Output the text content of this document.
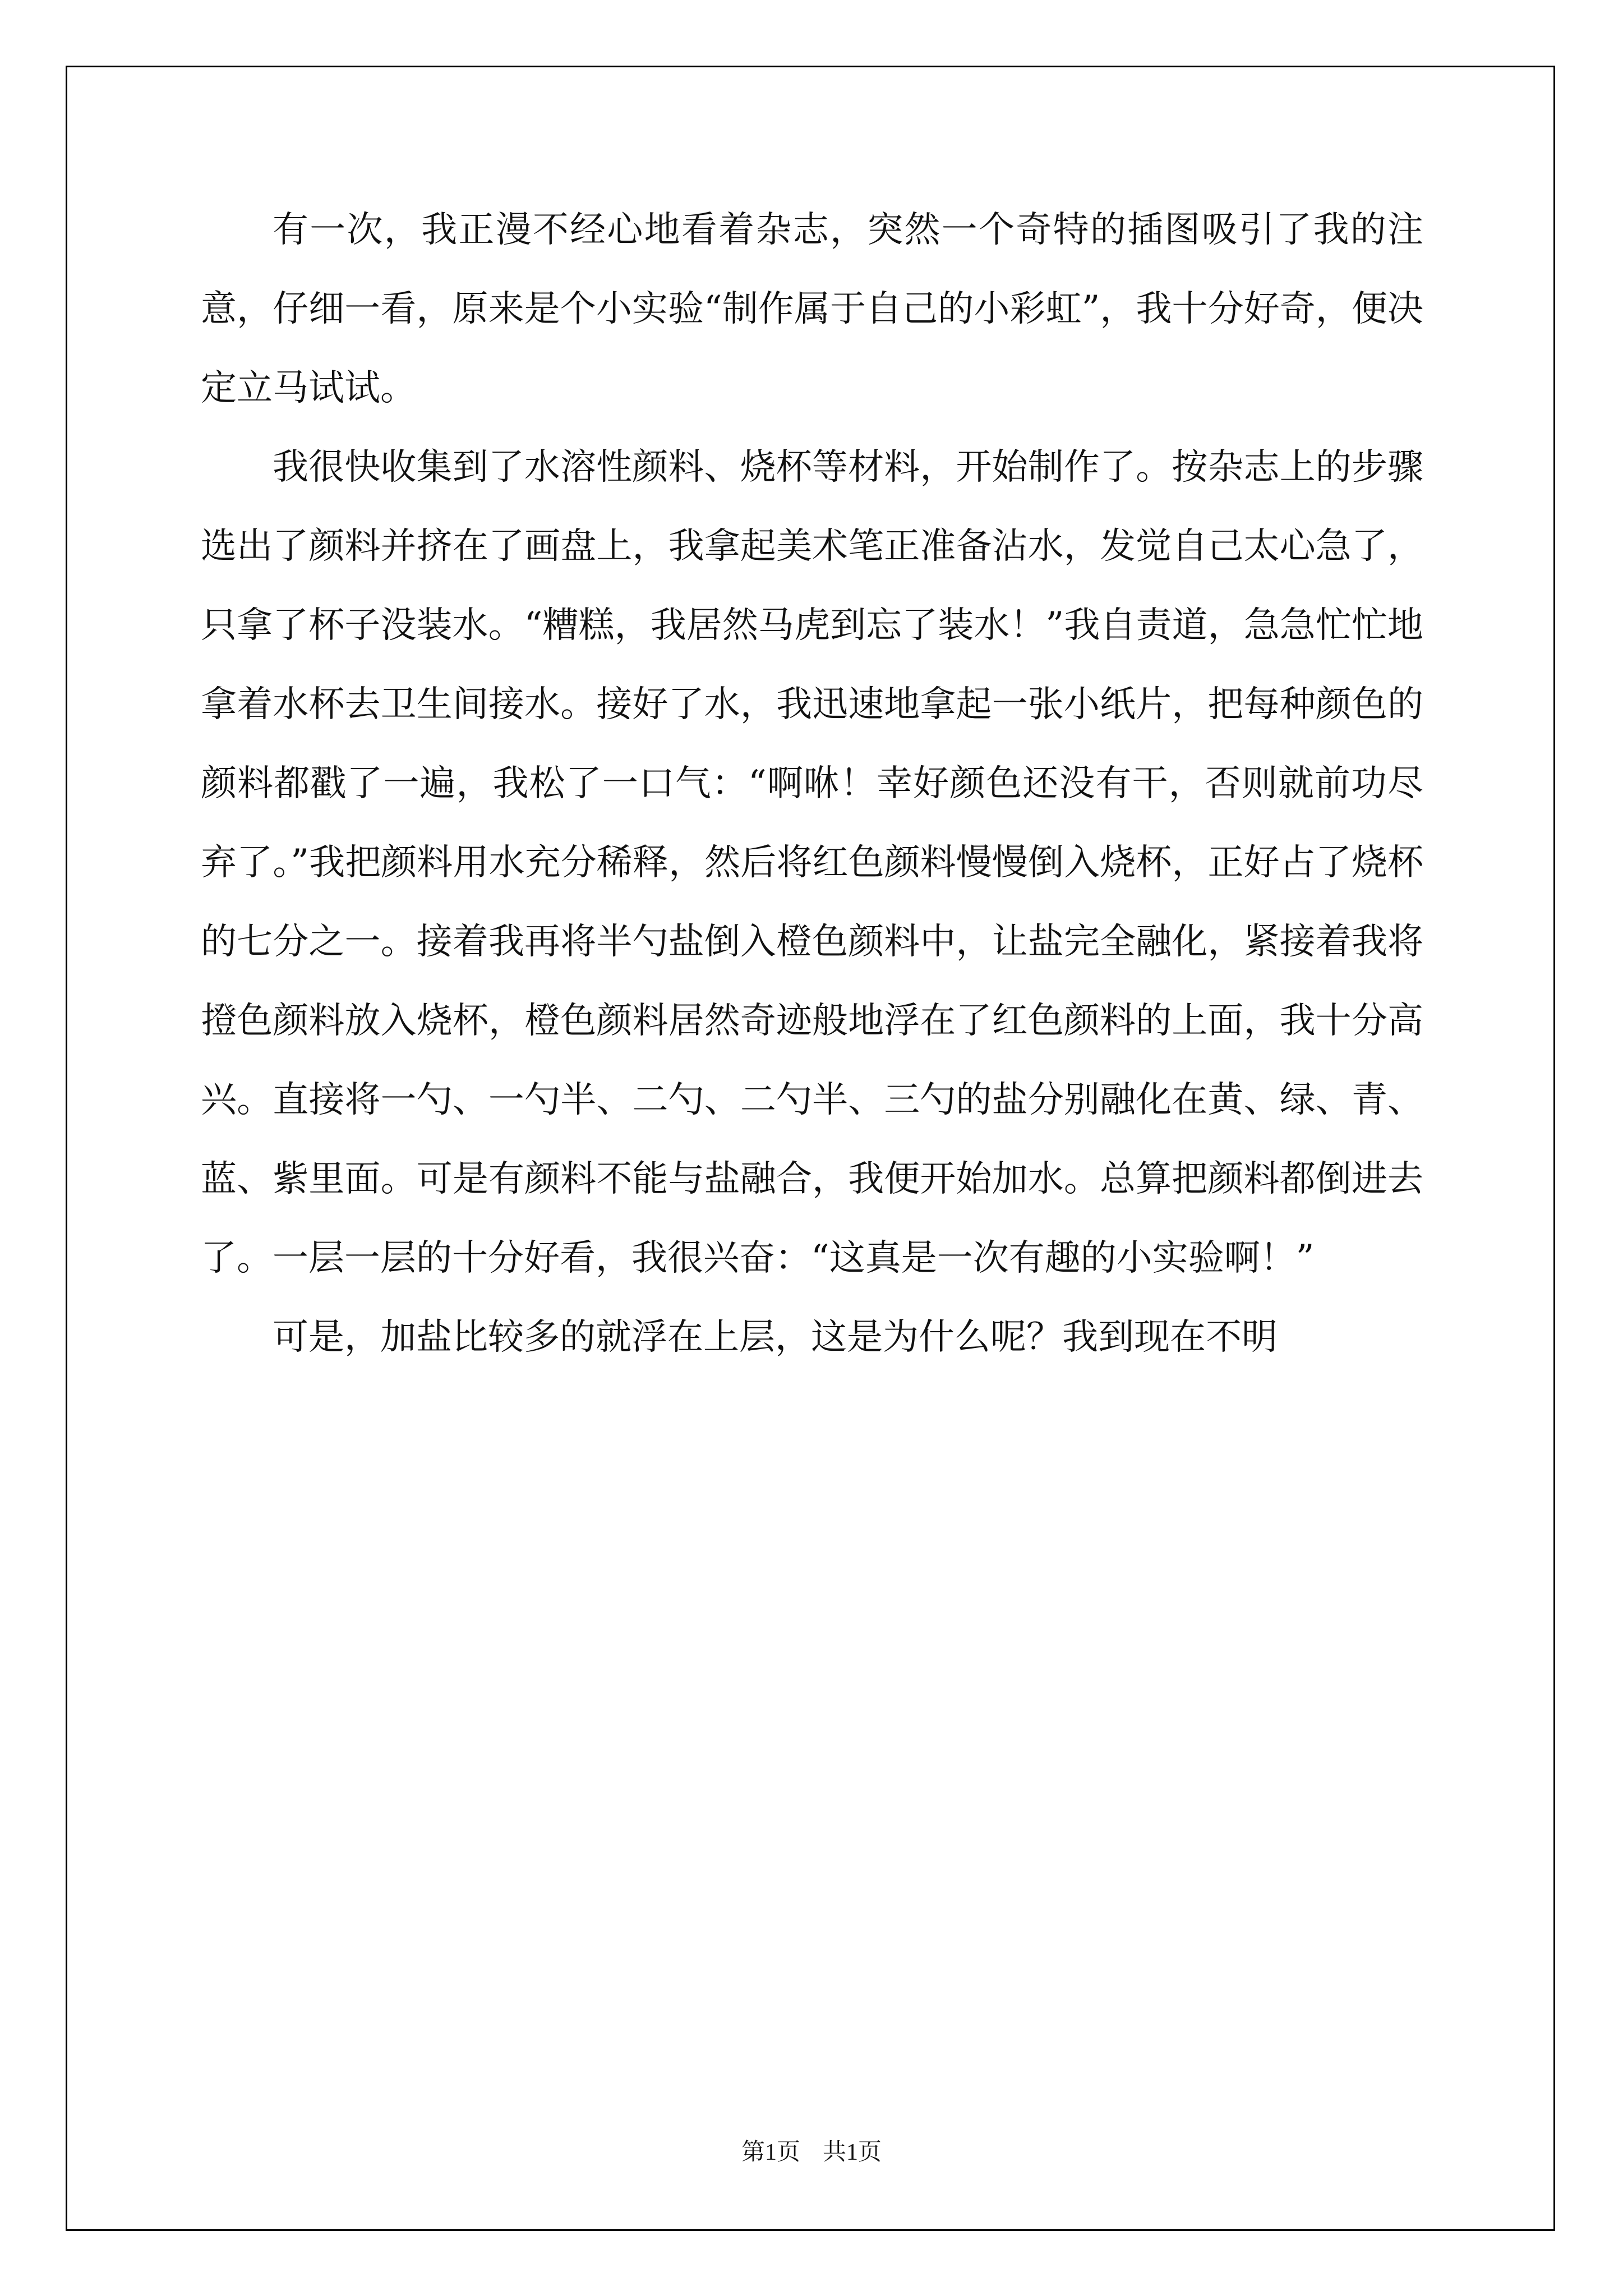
有一次，我正漫不经心地看着杂志，突然一个奇特的插图吸引了我的注意，仔细一看，原来是个小实验“制作属于自己的小彩虹”，我十分好奇，便决定立马试试。

我很快收集到了水溶性颜料、烧杯等材料，开始制作了。按杂志上的步骤选出了颜料并挤在了画盘上，我拿起美术笔正准备沾水，发觉自己太心急了，只拿了杯子没装水。“糟糕，我居然马虎到忘了装水！”我自责道，急急忙忙地拿着水杯去卫生间接水。接好了水，我迅速地拿起一张小纸片，把每种颜色的颜料都戳了一遍，我松了一口气：“啊咻！幸好颜色还没有干，否则就前功尽弃了。”我把颜料用水充分稀释，然后将红色颜料慢慢倒入烧杯，正好占了烧杯的七分之一。接着我再将半勺盐倒入橙色颜料中，让盐完全融化，紧接着我将撜色颜料放入烧杯，橙色颜料居然奇迹般地浮在了红色颜料的上面，我十分高兴。直接将一勺、一勺半、二勺、二勺半、三勺的盐分别融化在黄、绿、青、蓝、紫里面。可是有颜料不能与盐融合，我便开始加水。总算把颜料都倒进去了。一层一层的十分好看，我很兴奋：“这真是一次有趣的小实验啊！”

可是，加盐比较多的就浮在上层，这是为什么呢？我到现在不明

第1页 共1页
